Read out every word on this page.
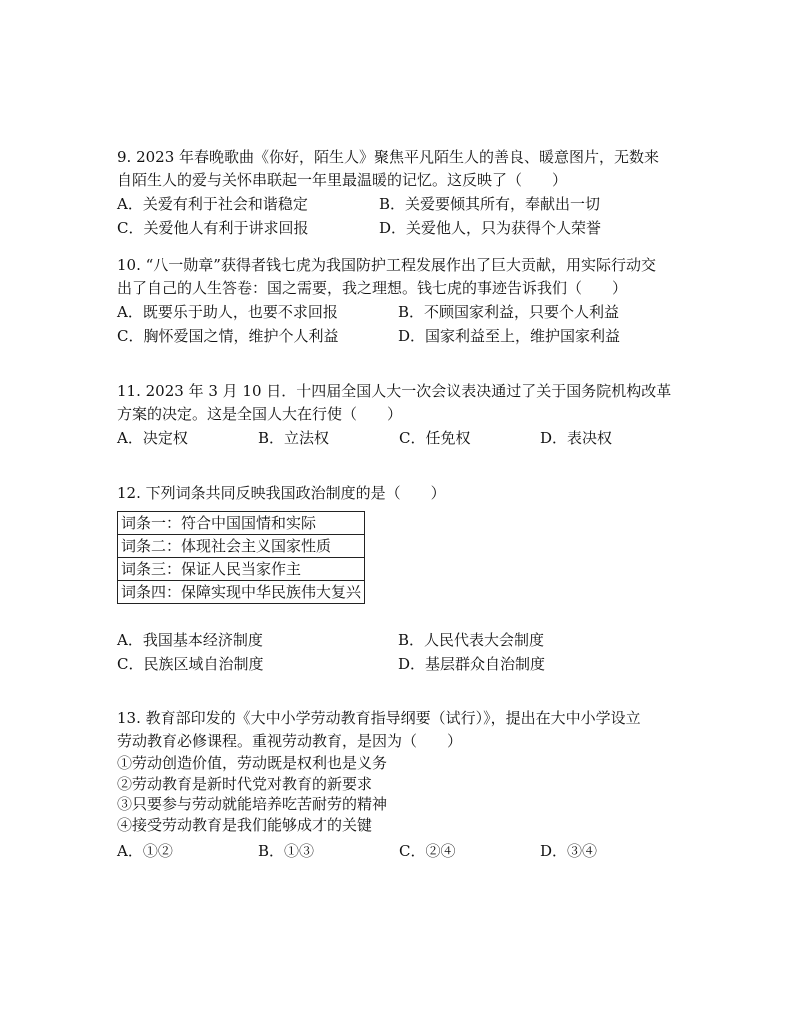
9. 2023 年春晚歌曲《你好，陌生人》聚焦平凡陌生人的善良、暖意图片，无数来

自陌生人的爱与关怀串联起一年里最温暖的记忆。这反映了（　　）

A．关爱有利于社会和谐稳定	B．关爱要倾其所有，奉献出一切
C．关爱他人有利于讲求回报	D．关爱他人，只为获得个人荣誉

10. “八一勋章”获得者钱七虎为我国防护工程发展作出了巨大贡献，用实际行动交

出了自己的人生答卷：国之需要，我之理想。钱七虎的事迹告诉我们（　　）

A．既要乐于助人，也要不求回报	B．不顾国家利益，只要个人利益
C．胸怀爱国之情，维护个人利益	D．国家利益至上，维护国家利益

11. 2023 年 3 月 10 日．十四届全国人大一次会议表决通过了关于国务院机构改革

方案的决定。这是全国人大在行使（　　）

A．决定权	B．立法权	C．任免权	D．表决权

12. 下列词条共同反映我国政治制度的是（　　）

词条一：符合中国国情和实际
词条二：体现社会主义国家性质
词条三：保证人民当家作主
词条四：保障实现中华民族伟大复兴
A．我国基本经济制度	B．人民代表大会制度
C．民族区域自治制度	D．基层群众自治制度

13. 教育部印发的《大中小学劳动教育指导纲要（试行）》，提出在大中小学设立

劳动教育必修课程。重视劳动教育，是因为（　　）

①劳动创造价值，劳动既是权利也是义务

②劳动教育是新时代党对教育的新要求

③只要参与劳动就能培养吃苦耐劳的精神

④接受劳动教育是我们能够成才的关键

A．①②	B．①③	C．②④	D．③④
